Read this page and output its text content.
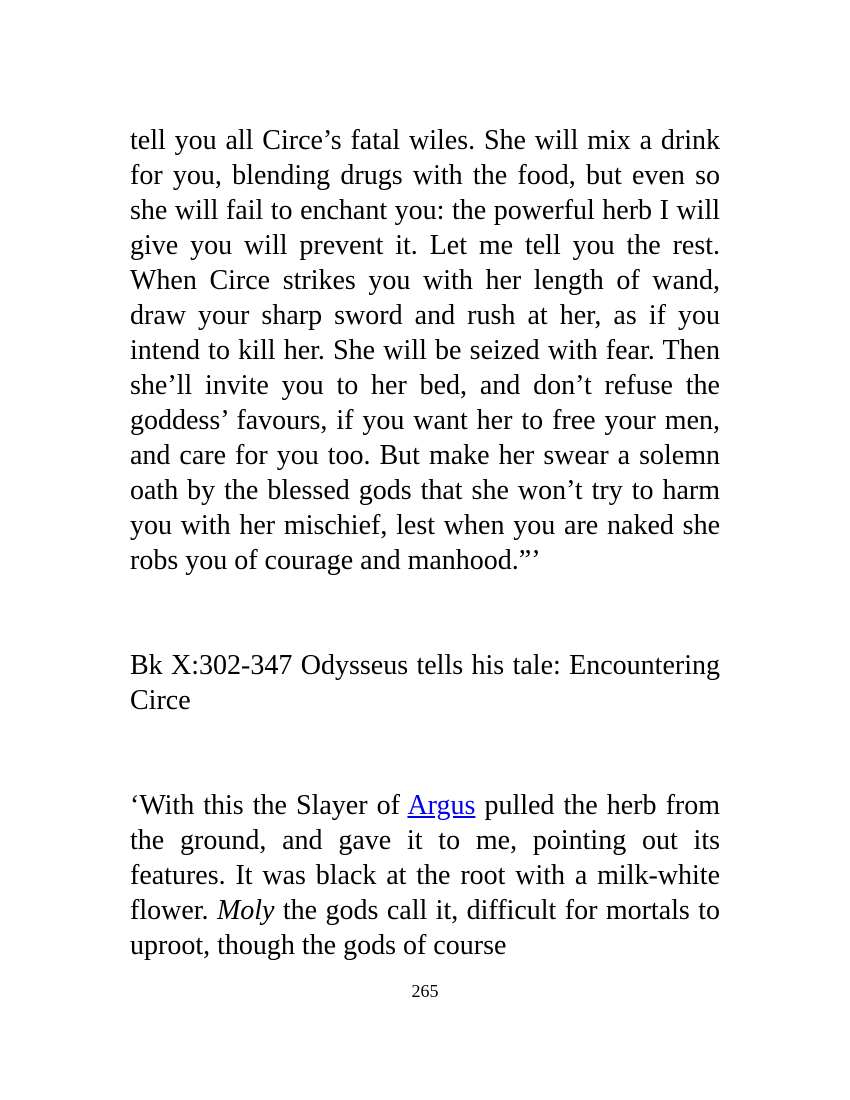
tell you all Circe’s fatal wiles. She will mix a drink for you, blending drugs with the food, but even so she will fail to enchant you: the powerful herb I will give you will prevent it. Let me tell you the rest. When Circe strikes you with her length of wand, draw your sharp sword and rush at her, as if you intend to kill her. She will be seized with fear. Then she’ll invite you to her bed, and don’t refuse the goddess’ favours, if you want her to free your men, and care for you too. But make her swear a solemn oath by the blessed gods that she won’t try to harm you with her mischief, lest when you are naked she robs you of courage and manhood.”’

Bk X:302-347 Odysseus tells his tale: Encountering Circe

‘With this the Slayer of Argus pulled the herb from the ground, and gave it to me, pointing out its features. It was black at the root with a milk-white flower. Moly the gods call it, difficult for mortals to uproot, though the gods of course

265
